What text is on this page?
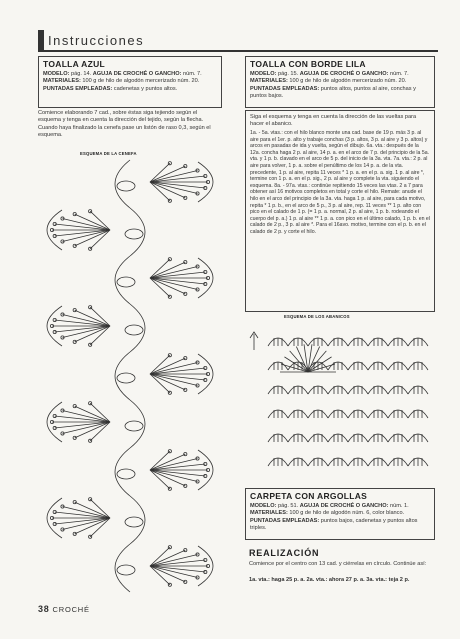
Instrucciones
TOALLA AZUL
MODELO: pág. 14. AGUJA DE CROCHÉ O GANCHO: núm. 7. MATERIALES: 100 g de hilo de algodón mercerizado núm. 20. PUNTADAS EMPLEADAS: cadenetas y puntos altos.
Comience elaborando 7 cad., sobre éstas siga tejiendo según el esquema y tenga en cuenta la dirección del tejido, según la flecha. Cuando haya finalizado la cenefa pase un listón de raso 0,3, según el esquema.
ESQUEMA DE LA CENEFA
TOALLA CON BORDE LILA
MODELO: pág. 15. AGUJA DE CROCHÉ O GANCHO: núm. 7. MATERIALES: 100 g de hilo de algodón mercerizado núm. 20. PUNTADAS EMPLEADAS: puntos altos, puntos al aire, conchas y puntos bajos.
Siga el esquema y tenga en cuenta la dirección de las vueltas para hacer el abanico.
1a. - 5a. vtas.: con el hilo blanco monte una cad. base de 19 p. más 3 p. al aire para el 1er. p. alto y trabaje conchas (3 p. altos, 3 p. al aire y 3 p. altos) y arcos en pasadas de ida y vuelta, según el dibujo. 6a. vta.: después de la 12a. concha haga 2 p. al aire, 14 p. a. en el arco de 7 p. del principio de la 5a. vta. y 1 p. b. clavado en el arco de 5 p. del inicio de la 3a. vta. 7a. vta.: 2 p. al aire para volver, 1 p. a. sobre el penúltimo de los 14 p. a. de la vta. precedente, 1 p. al aire, repita 11 veces * 1 p. a. en el p. a. sig. 1 p. al aire *, termine con 1 p. a. en el p. sig., 2 p. al aire y complete la vta. siguiendo el esquema. 8a. - 97a. vtas.: continúe repitiendo 15 veces las vtas. 2 a 7 para obtener así 16 motivos completos en total y corte el hilo. Remate: anude el hilo en el arco del principio de la 3a. vta. haga 1 p. al aire, para cada motivo, repita * 1 p. b., en el arco de 5 p., 3 p. al aire, rep. 11 veces ** 1 p. alto con pico en el calado de 1 p. (= 1 p. a. normal, 2 p. al aire, 1 p. b. rodeando el cuerpo del p. a.) 1 p. al aire ** 1 p. a. con pico en el último calado, 1 p. b. en el calado de 2 p., 3 p. al aire *. Para el 16avo. motivo, termine con el p. b. en el calado de 2 p. y corte el hilo.
ESQUEMA DE LOS ABANICOS
CARPETA CON ARGOLLAS
MODELO: pág. 51. AGUJA DE CROCHÉ O GANCHO: núm. 1. MATERIALES: 100 g de hilo de algodón núm. 6, color blanco. PUNTADAS EMPLEADAS: puntos bajos, cadenetas y puntos altos triples.
REALIZACIÓN
Comience por el centro con 13 cad. y ciérrelas en círculo. Continúe así:
1a. vta.: haga 25 p. a. 2a. vta.: ahora 27 p. a. 3a. vta.: teja 2 p.
38 CROCHÉ
